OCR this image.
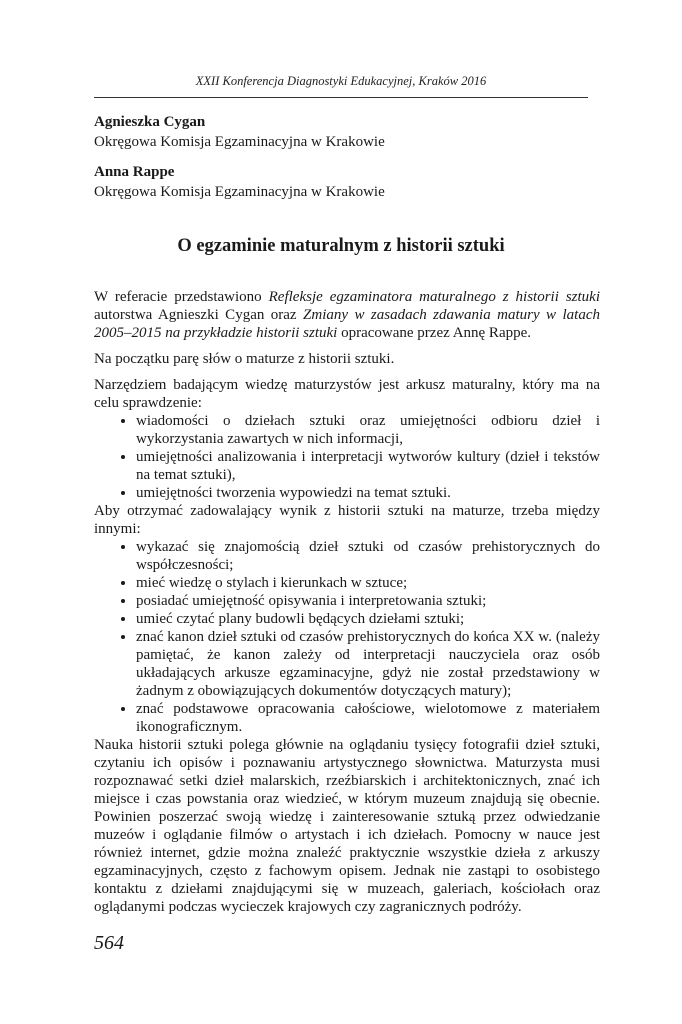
XXII Konferencja Diagnostyki Edukacyjnej, Kraków 2016
Agnieszka Cygan
Okręgowa Komisja Egzaminacyjna w Krakowie
Anna Rappe
Okręgowa Komisja Egzaminacyjna w Krakowie
O egzaminie maturalnym z historii sztuki

W referacie przedstawiono Refleksje egzaminatora maturalnego z historii sztuki autorstwa Agnieszki Cygan oraz Zmiany w zasadach zdawania matury w latach 2005–2015 na przykładzie historii sztuki opracowane przez Annę Rappe.

Na początku parę słów o maturze z historii sztuki.

Narzędziem badającym wiedzę maturzystów jest arkusz maturalny, który ma na celu sprawdzenie:

• wiadomości o dziełach sztuki oraz umiejętności odbioru dzieł i wykorzystania zawartych w nich informacji,
• umiejętności analizowania i interpretacji wytworów kultury (dzieł i tekstów na temat sztuki),
• umiejętności tworzenia wypowiedzi na temat sztuki.

Aby otrzymać zadowalający wynik z historii sztuki na maturze, trzeba między innymi:

• wykazać się znajomością dzieł sztuki od czasów prehistorycznych do współczesności;
• mieć wiedzę o stylach i kierunkach w sztuce;
• posiadać umiejętność opisywania i interpretowania sztuki;
• umieć czytać plany budowli będących dziełami sztuki;
• znać kanon dzieł sztuki od czasów prehistorycznych do końca XX w. (należy pamiętać, że kanon zależy od interpretacji nauczyciela oraz osób układających arkusze egzaminacyjne, gdyż nie został przedstawiony w żadnym z obowiązujących dokumentów dotyczących matury);
• znać podstawowe opracowania całościowe, wielotomowe z materiałem ikonograficznym.

Nauka historii sztuki polega głównie na oglądaniu tysięcy fotografii dzieł sztuki, czytaniu ich opisów i poznawaniu artystycznego słownictwa. Maturzysta musi rozpoznawać setki dzieł malarskich, rzeźbiarskich i architektonicznych, znać ich miejsce i czas powstania oraz wiedzieć, w którym muzeum znajdują się obecnie. Powinien poszerzać swoją wiedzę i zainteresowanie sztuką przez odwiedzanie muzeów i oglądanie filmów o artystach i ich dziełach. Pomocny w nauce jest również internet, gdzie można znaleźć praktycznie wszystkie dzieła z arkuszy egzaminacyjnych, często z fachowym opisem. Jednak nie zastąpi to osobistego kontaktu z dziełami znajdującymi się w muzeach, galeriach, kościołach oraz oglądanymi podczas wycieczek krajowych czy zagranicznych podróży.

564
